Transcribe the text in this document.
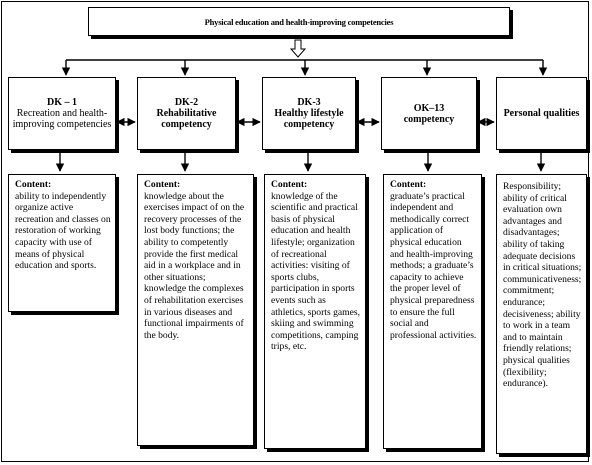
Physical education and health-improving competencies
DK – 1
Recreation and health-improving competencies
DK-2
Rehabilitative competency
DK-3
Healthy lifestyle competency
OK–13
competency	Personal qualities
Content:
ability to independently organize active recreation and classes on restoration of working capacity with use of means of physical education and sports.
Content:
knowledge about the exercises impact of on the recovery processes of the lost body functions; the ability to competently provide the first medical aid in a workplace and in other situations; knowledge the complexes of rehabilitation exercises in various diseases and functional impairments of the body.
Content:
knowledge of the scientific and practical basis of physical education and health lifestyle; organization of recreational activities: visiting of sports clubs, participation in sports events such as athletics, sports games, skiing and swimming competitions, camping trips, etc.
Content:
graduate’s practical independent and methodically correct application of physical education and health-improving methods; a graduate’s capacity to achieve the proper level of physical preparedness to ensure the full social and professional activities.
Responsibility; ability of critical evaluation own advantages and disadvantages; ability of taking adequate decisions in critical situations; communicativeness; commitment; endurance; decisiveness; ability to work in a team and to maintain friendly relations; physical qualities (flexibility; endurance).
